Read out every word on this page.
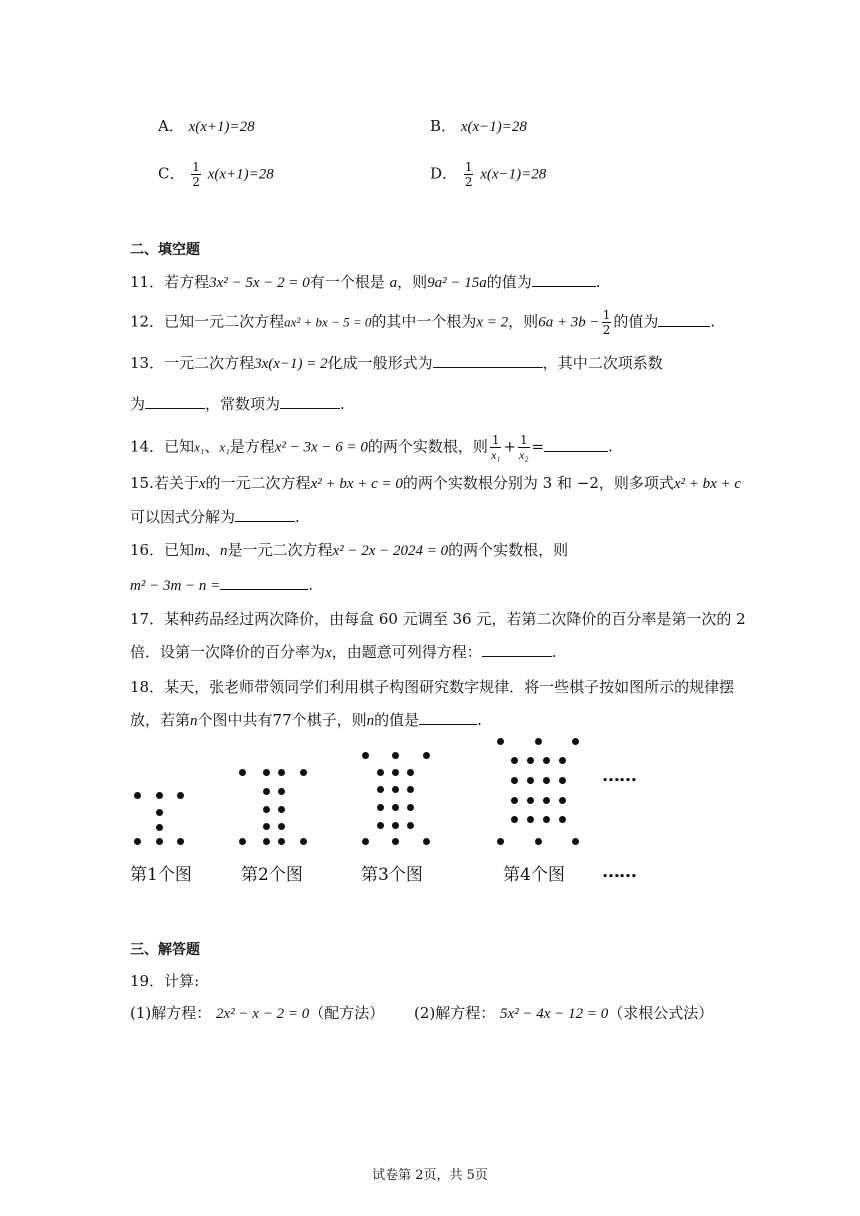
A． x(x+1)=28	B． x(x−1)=28
C． $\frac{1}{2} x(x+1)=28$	D． $\frac{1}{2} x(x-1)=28$
二、填空题
11．若方程3x² − 5x − 2 = 0有一个根是 a，则9a² − 15a的值为	.
12．已知一元二次方程ax² + bx − 5 = 0的其中一个根为x = 2，则$6a + 3b - \frac{1}{2}$ 的值为	.
13．一元二次方程3x(x−1) = 2化成一般形式为	，其中二次项系数
为	，常数项为	.
14．已知x₁、x₁是方程x² − 3x − 6 = 0的两个实数根，则 $\frac{1}{\text{x₁}} + \frac{1}{\text{x₂}}$ =	.
15.若关于x的一元二次方程x² + bx + c = 0的两个实数根分别为 3 和 −2，则多项式x² + bx + c
可以因式分解为	.
16．已知m、n是一元二次方程x² − 2x − 2024 = 0的两个实数根，则
m² − 3m − n =	.
17．某种药品经过两次降价，由每盒 60 元调至 36 元，若第二次降价的百分率是第一次的 2
倍．设第一次降价的百分率为x，由题意可列得方程：	.
18．某天，张老师带领同学们利用棋子构图研究数字规律．将一些棋子按如图所示的规律摆
放，若第n个图中共有77个棋子，则n的值是	.
……
第1个图	第2个图	第3个图	第4个图 ……
三、解答题
19．计算:
(1)解方程： 2x² − x − 2 = 0（配方法） (2)解方程： 5x² − 4x − 12 = 0（求根公式法）
试卷第 2页，共 5页
